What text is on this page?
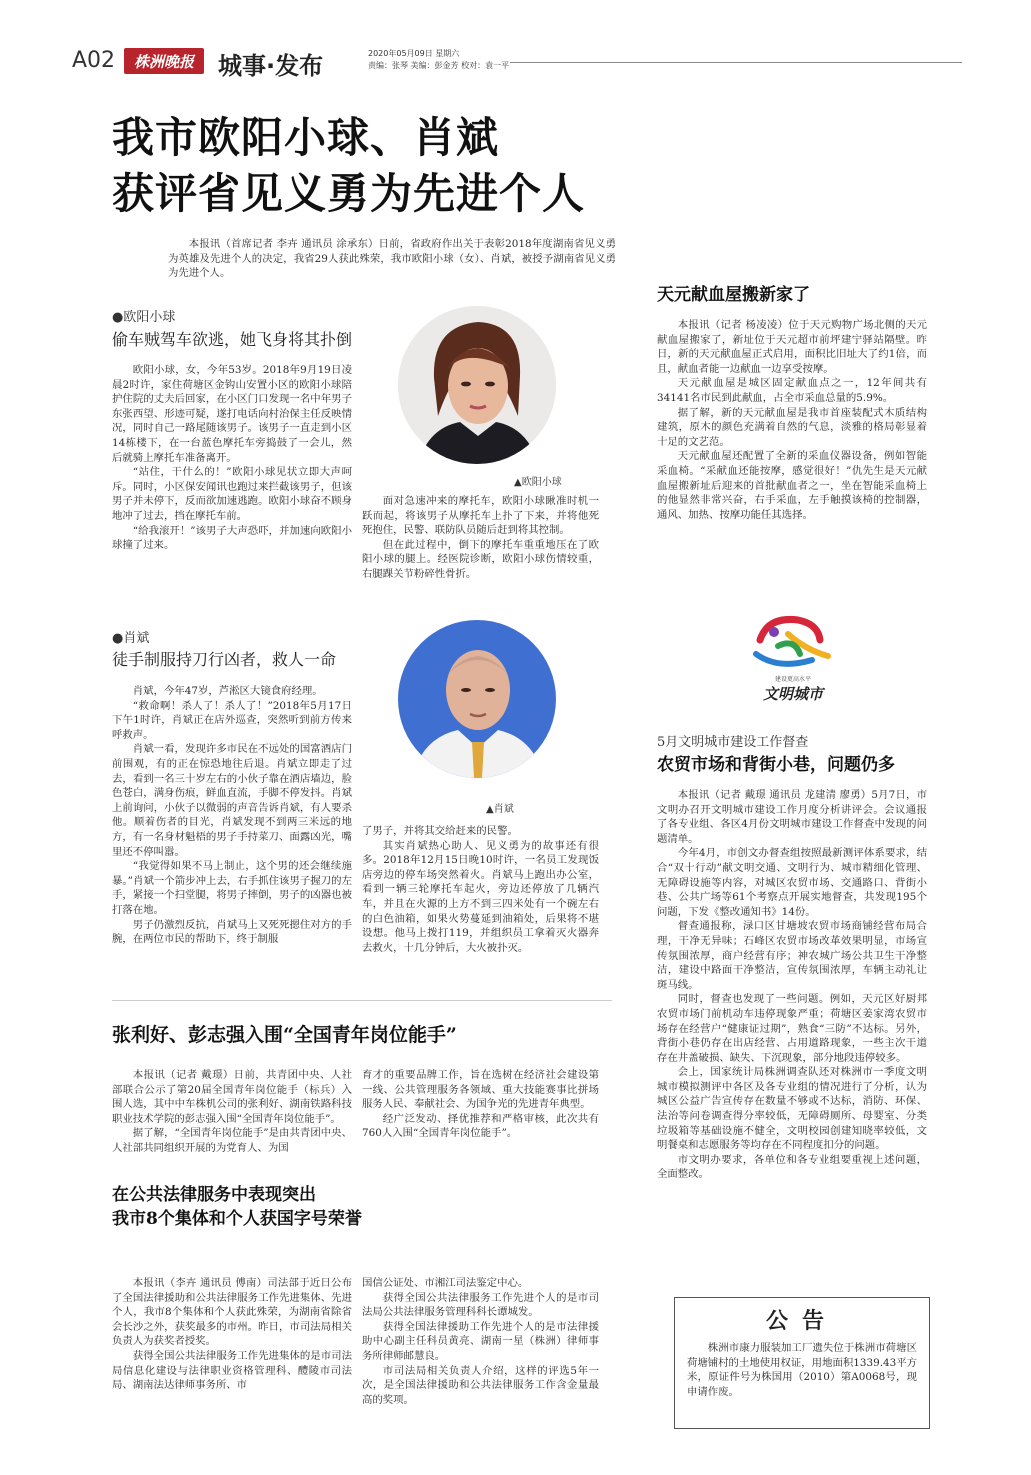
A02	株洲晚报	城事·发布	2020年05月09日 星期六
责编：张琴 美编：彭金芳 校对：袁一平
我市欧阳小球、肖斌
获评省见义勇为先进个人

本报讯（首席记者 李卉 通讯员 涂承东）日前，省政府作出关于表彰2018年度湖南省见义勇为英雄及先进个人的决定，我省29人获此殊荣，我市欧阳小球（女）、肖斌，被授予湖南省见义勇为先进个人。

●欧阳小球
偷车贼驾车欲逃，她飞身将其扑倒
▲欧阳小球

欧阳小球，女，今年53岁。2018年9月19日凌晨2时许，家住荷塘区金钩山安置小区的欧阳小球陪护住院的丈夫后回家，在小区门口发现一名中年男子东张西望、形迹可疑，遂打电话向村治保主任反映情况，同时自己一路尾随该男子。该男子一直走到小区14栋楼下，在一台蓝色摩托车旁捣鼓了一会儿，然后就骑上摩托车准备离开。

“站住，干什么的！”欧阳小球见状立即大声呵斥。同时，小区保安闻讯也跑过来拦截该男子，但该男子并未停下，反而欲加速逃跑。欧阳小球奋不顾身地冲了过去，挡在摩托车前。

“给我滚开！”该男子大声恐吓，并加速向欧阳小球撞了过来。

面对急速冲来的摩托车，欧阳小球瞅准时机一跃而起，将该男子从摩托车上扑了下来，并将他死死抱住，民警、联防队员随后赶到将其控制。

但在此过程中，倒下的摩托车重重地压在了欧阳小球的腿上。经医院诊断，欧阳小球伤情较重，右腿踝关节粉碎性骨折。

●肖斌
徒手制服持刀行凶者，救人一命
▲肖斌

肖斌，今年47岁，芦淞区大镜食府经理。

“救命啊！杀人了！杀人了！”2018年5月17日下午1时许，肖斌正在店外巡查，突然听到前方传来呼救声。

肖斌一看，发现许多市民在不远处的国富酒店门前围观，有的正在惊恐地往后退。肖斌立即走了过去，看到一名三十岁左右的小伙子靠在酒店墙边，脸色苍白，满身伤痕，鲜血直流，手脚不停发抖。肖斌上前询问，小伙子以微弱的声音告诉肖斌，有人要杀他。顺着伤者的目光，肖斌发现不到两三米远的地方，有一名身材魁梧的男子手持菜刀、面露凶光，嘴里还不停叫嚣。

“我觉得如果不马上制止，这个男的还会继续施暴。”肖斌一个箭步冲上去，右手抓住该男子握刀的左手，紧接一个扫堂腿，将男子摔倒，男子的凶器也被打落在地。

男子仍激烈反抗，肖斌马上又死死摁住对方的手腕，在两位市民的帮助下，终于制服

了男子，并将其交给赶来的民警。

其实肖斌热心助人、见义勇为的故事还有很多。2018年12月15日晚10时许，一名员工发现饭店旁边的停车场突然着火。肖斌马上跑出办公室，看到一辆三轮摩托车起火，旁边还停放了几辆汽车，并且在火源的上方不到三四米处有一个碗左右的白色油箱，如果火势蔓延到油箱处，后果将不堪设想。他马上拨打119，并组织员工拿着灭火器奔去救火，十几分钟后，大火被扑灭。

张利好、彭志强入围“全国青年岗位能手”

本报讯（记者 戴璟）日前，共青团中央、人社部联合公示了第20届全国青年岗位能手（标兵）入围人选，其中中车株机公司的张利好、湖南铁路科技职业技术学院的彭志强入围“全国青年岗位能手”。

据了解，“全国青年岗位能手”是由共青团中央、人社部共同组织开展的为党育人、为国

育才的重要品牌工作，旨在选树在经济社会建设第一线、公共管理服务各领域、重大技能赛事比拼场服务人民、奉献社会、为国争光的先进青年典型。

经广泛发动、择优推荐和严格审核，此次共有760人入围“全国青年岗位能手”。

在公共法律服务中表现突出
我市8个集体和个人获国字号荣誉

本报讯（李卉 通讯员 傅南）司法部于近日公布了全国法律援助和公共法律服务工作先进集体、先进个人，我市8个集体和个人获此殊荣，为湖南省除省会长沙之外，获奖最多的市州。昨日，市司法局相关负责人为获奖者授奖。

获得全国公共法律服务工作先进集体的是市司法局信息化建设与法律职业资格管理科、醴陵市司法局、湖南法达律师事务所、市

国信公证处、市湘江司法鉴定中心。

获得全国公共法律服务工作先进个人的是市司法局公共法律服务管理科科长谭城发。

获得全国法律援助工作先进个人的是市法律援助中心副主任科员黄亮、湖南一星（株洲）律师事务所律师邮慧良。

市司法局相关负责人介绍，这样的评选5年一次，是全国法律援助和公共法律服务工作含金量最高的奖项。

天元献血屋搬新家了

本报讯（记者 杨凌凌）位于天元购物广场北侧的天元献血屋搬家了，新址位于天元超市前坪建宁驿站隔壁。昨日，新的天元献血屋正式启用，面积比旧址大了约1倍，而且，献血者能一边献血一边享受按摩。

天元献血屋是城区固定献血点之一，12年间共有34141名市民到此献血，占全市采血总量的5.9%。

据了解，新的天元献血屋是我市首座装配式木质结构建筑，原木的颜色充满着自然的气息，淡雅的格局彰显着十足的文艺范。

天元献血屋还配置了全新的采血仪器设备，例如智能采血椅。“采献血还能按摩，感觉很好！”仇先生是天元献血屋搬新址后迎来的首批献血者之一，坐在智能采血椅上的他显然非常兴奋，右手采血，左手触摸该椅的控制器，通风、加热、按摩功能任其选择。

建设更高水平
文明城市
5月文明城市建设工作督查
农贸市场和背街小巷，问题仍多

本报讯（记者 戴璟 通讯员 龙建清 廖勇）5月7日，市文明办召开文明城市建设工作月度分析讲评会。会议通报了各专业组、各区4月份文明城市建设工作督查中发现的问题清单。

今年4月，市创文办督查组按照最新测评体系要求，结合“双十行动”献文明交通、文明行为、城市精细化管理、无障碍设施等内容，对城区农贸市场、交通路口、背街小巷、公共广场等61个考察点开展实地督查，共发现195个问题，下发《整改通知书》14份。

督查通报称，渌口区甘塘坡农贸市场商铺经营布局合理，干净无异味；石峰区农贸市场改革效果明显，市场宣传氛围浓厚，商户经营有序；神农城广场公共卫生干净整洁，建设中路面干净整洁，宣传氛围浓厚，车辆主动礼让斑马线。

同时，督查也发现了一些问题。例如，天元区好厨邦农贸市场门前机动车违停现象严重；荷塘区姜家湾农贸市场存在经营户“健康证过期”，熟食“三防”不达标。另外，背街小巷仍存在出店经营、占用道路现象，一些主次干道存在井盖破损、缺失、下沉现象，部分地段违停较多。

会上，国家统计局株洲调查队还对株洲市一季度文明城市模拟测评中各区及各专业组的情况进行了分析，认为城区公益广告宣传存在数量不够或不达标，消防、环保、法治等问卷调查得分率较低，无障碍厕所、母婴室、分类垃圾箱等基础设施不健全，文明校园创建知晓率较低，文明餐桌和志愿服务等均存在不同程度扣分的问题。

市文明办要求，各单位和各专业组要重视上述问题，全面整改。

公告

株洲市康力服装加工厂遗失位于株洲市荷塘区荷塘铺村的土地使用权证，用地面积1339.43平方米，原证件号为株国用（2010）第A0068号，现申请作废。
